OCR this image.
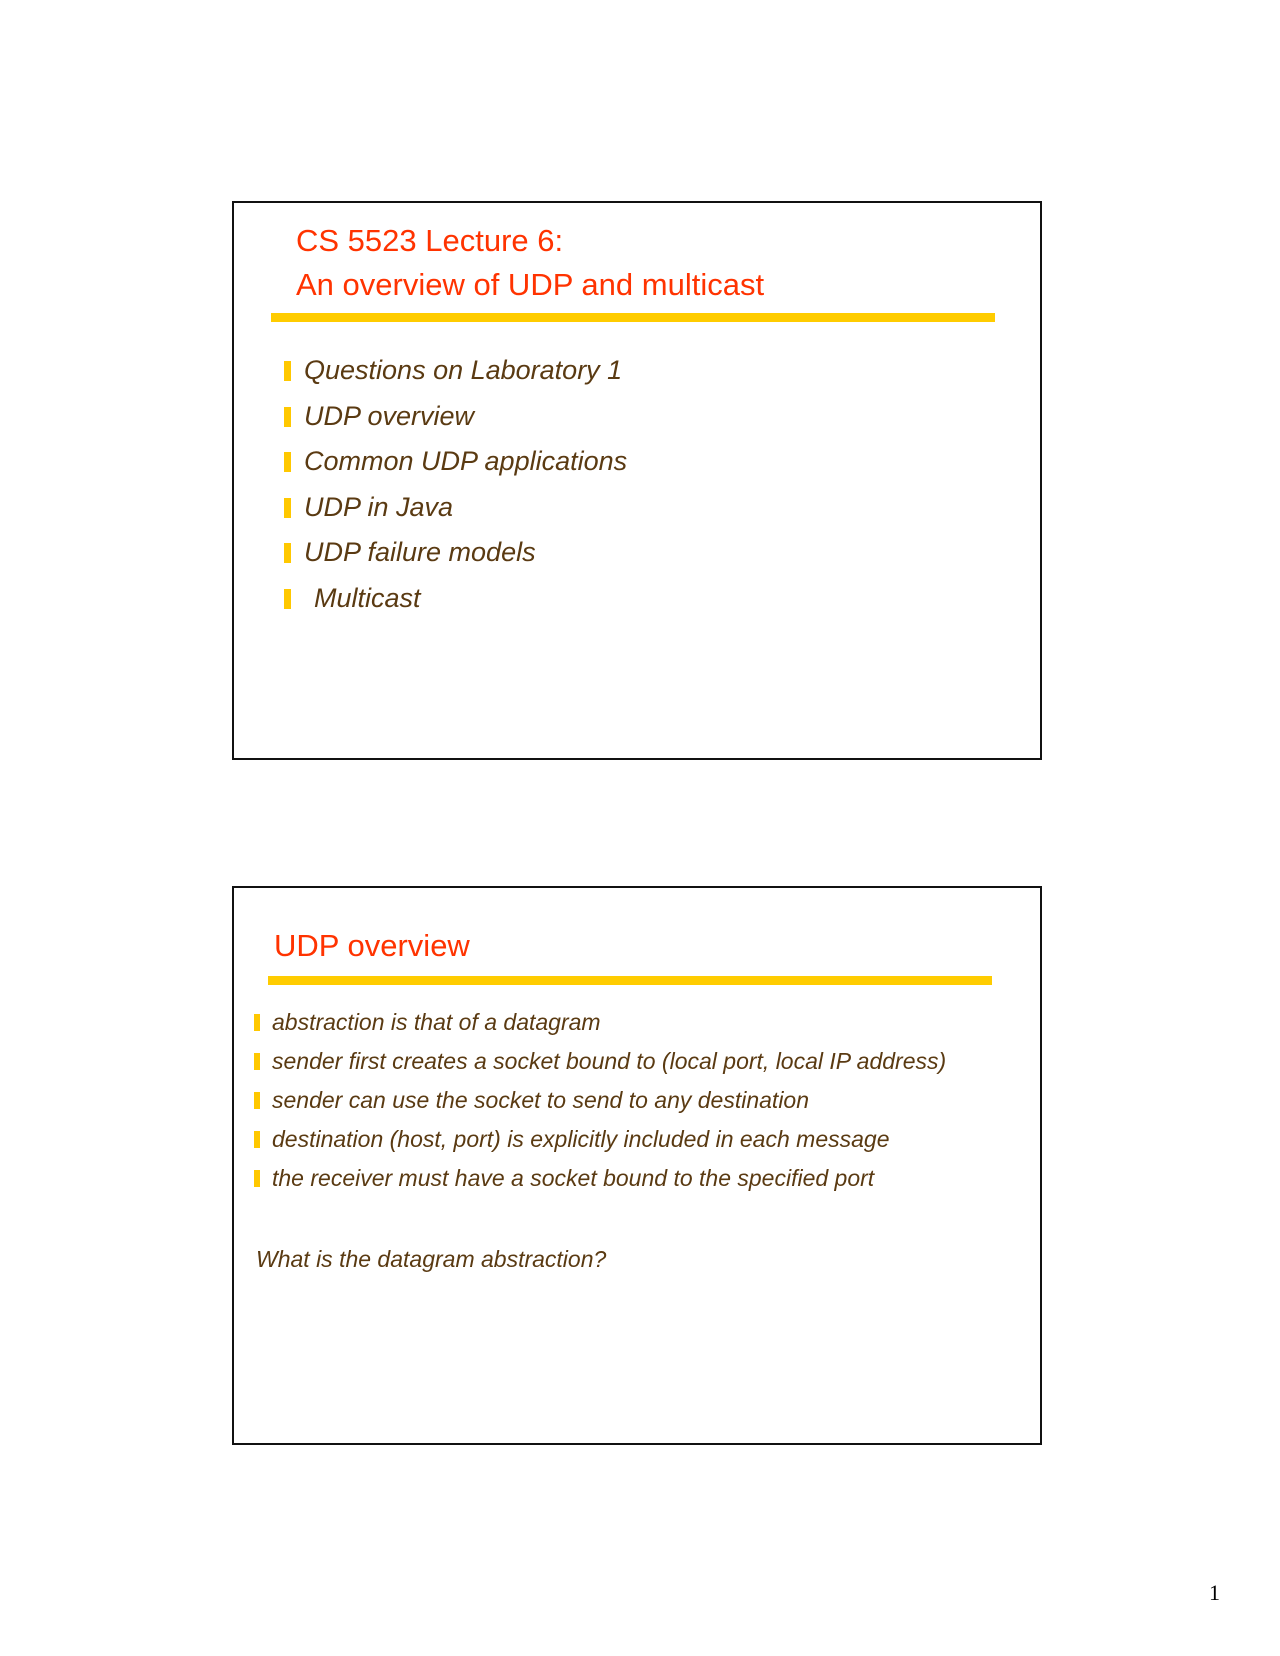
CS 5523 Lecture 6:
An overview of UDP and multicast
Questions on Laboratory 1
UDP overview
Common UDP applications
UDP in Java
UDP failure models
Multicast
UDP overview
abstraction is that of a datagram
sender first creates a socket bound to (local port, local IP address)
sender can use the socket to send to any destination
destination (host, port) is explicitly included in each message
the receiver must have a socket bound to the specified port
What is the datagram abstraction?
1
